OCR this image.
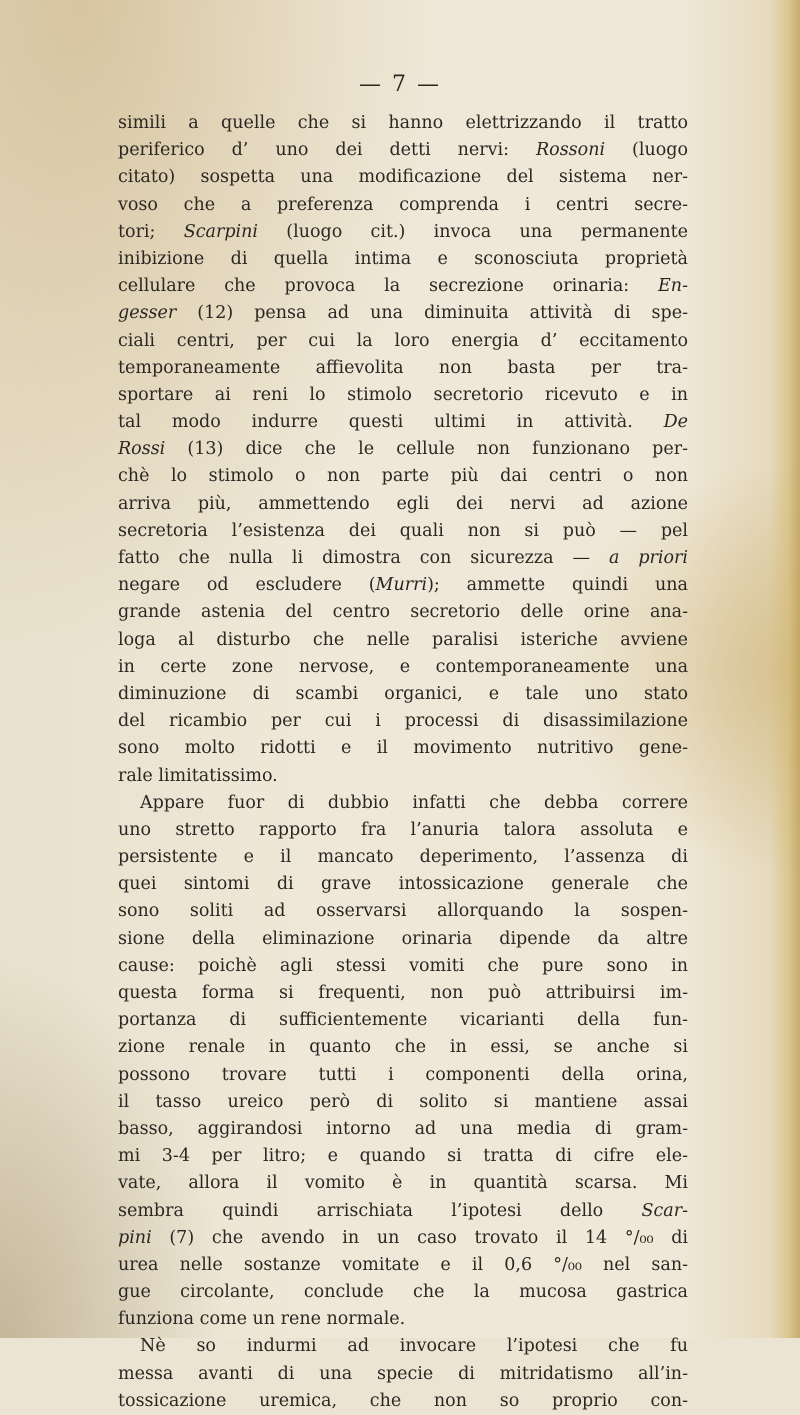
— 7 —
simili a quelle che si hanno elettrizzando il tratto
periferico d’ uno dei detti nervi: Rossoni (luogo
citato) sospetta una modificazione del sistema ner-
voso che a preferenza comprenda i centri secre-
tori; Scarpini (luogo cit.) invoca una permanente
inibizione di quella intima e sconosciuta proprietà
cellulare che provoca la secrezione orinaria: En-
gesser (12) pensa ad una diminuita attività di spe-
ciali centri, per cui la loro energia d’ eccitamento
temporaneamente affievolita non basta per tra-
sportare ai reni lo stimolo secretorio ricevuto e in
tal modo indurre questi ultimi in attività. De
Rossi (13) dice che le cellule non funzionano per-
chè lo stimolo o non parte più dai centri o non
arriva più, ammettendo egli dei nervi ad azione
secretoria l’esistenza dei quali non si può — pel
fatto che nulla li dimostra con sicurezza — a priori
negare od escludere (Murri); ammette quindi una
grande astenia del centro secretorio delle orine ana-
loga al disturbo che nelle paralisi isteriche avviene
in certe zone nervose, e contemporaneamente una
diminuzione di scambi organici, e tale uno stato
del ricambio per cui i processi di disassimilazione
sono molto ridotti e il movimento nutritivo gene-
rale limitatissimo.
Appare fuor di dubbio infatti che debba correre
uno stretto rapporto fra l’anuria talora assoluta e
persistente e il mancato deperimento, l’assenza di
quei sintomi di grave intossicazione generale che
sono soliti ad osservarsi allorquando la sospen-
sione della eliminazione orinaria dipende da altre
cause: poichè agli stessi vomiti che pure sono in
questa forma si frequenti, non può attribuirsi im-
portanza di sufficientemente vicarianti della fun-
zione renale in quanto che in essi, se anche si
possono trovare tutti i componenti della orina,
il tasso ureico però di solito si mantiene assai
basso, aggirandosi intorno ad una media di gram-
mi 3-4 per litro; e quando si tratta di cifre ele-
vate, allora il vomito è in quantità scarsa. Mi
sembra quindi arrischiata l’ipotesi dello Scar-
pini (7) che avendo in un caso trovato il 14 °/₀₀ di
urea nelle sostanze vomitate e il 0,6 °/₀₀ nel san-
gue circolante, conclude che la mucosa gastrica
funziona come un rene normale.
Nè so indurmi ad invocare l’ipotesi che fu
messa avanti di una specie di mitridatismo all’in-
tossicazione uremica, che non so proprio con-
